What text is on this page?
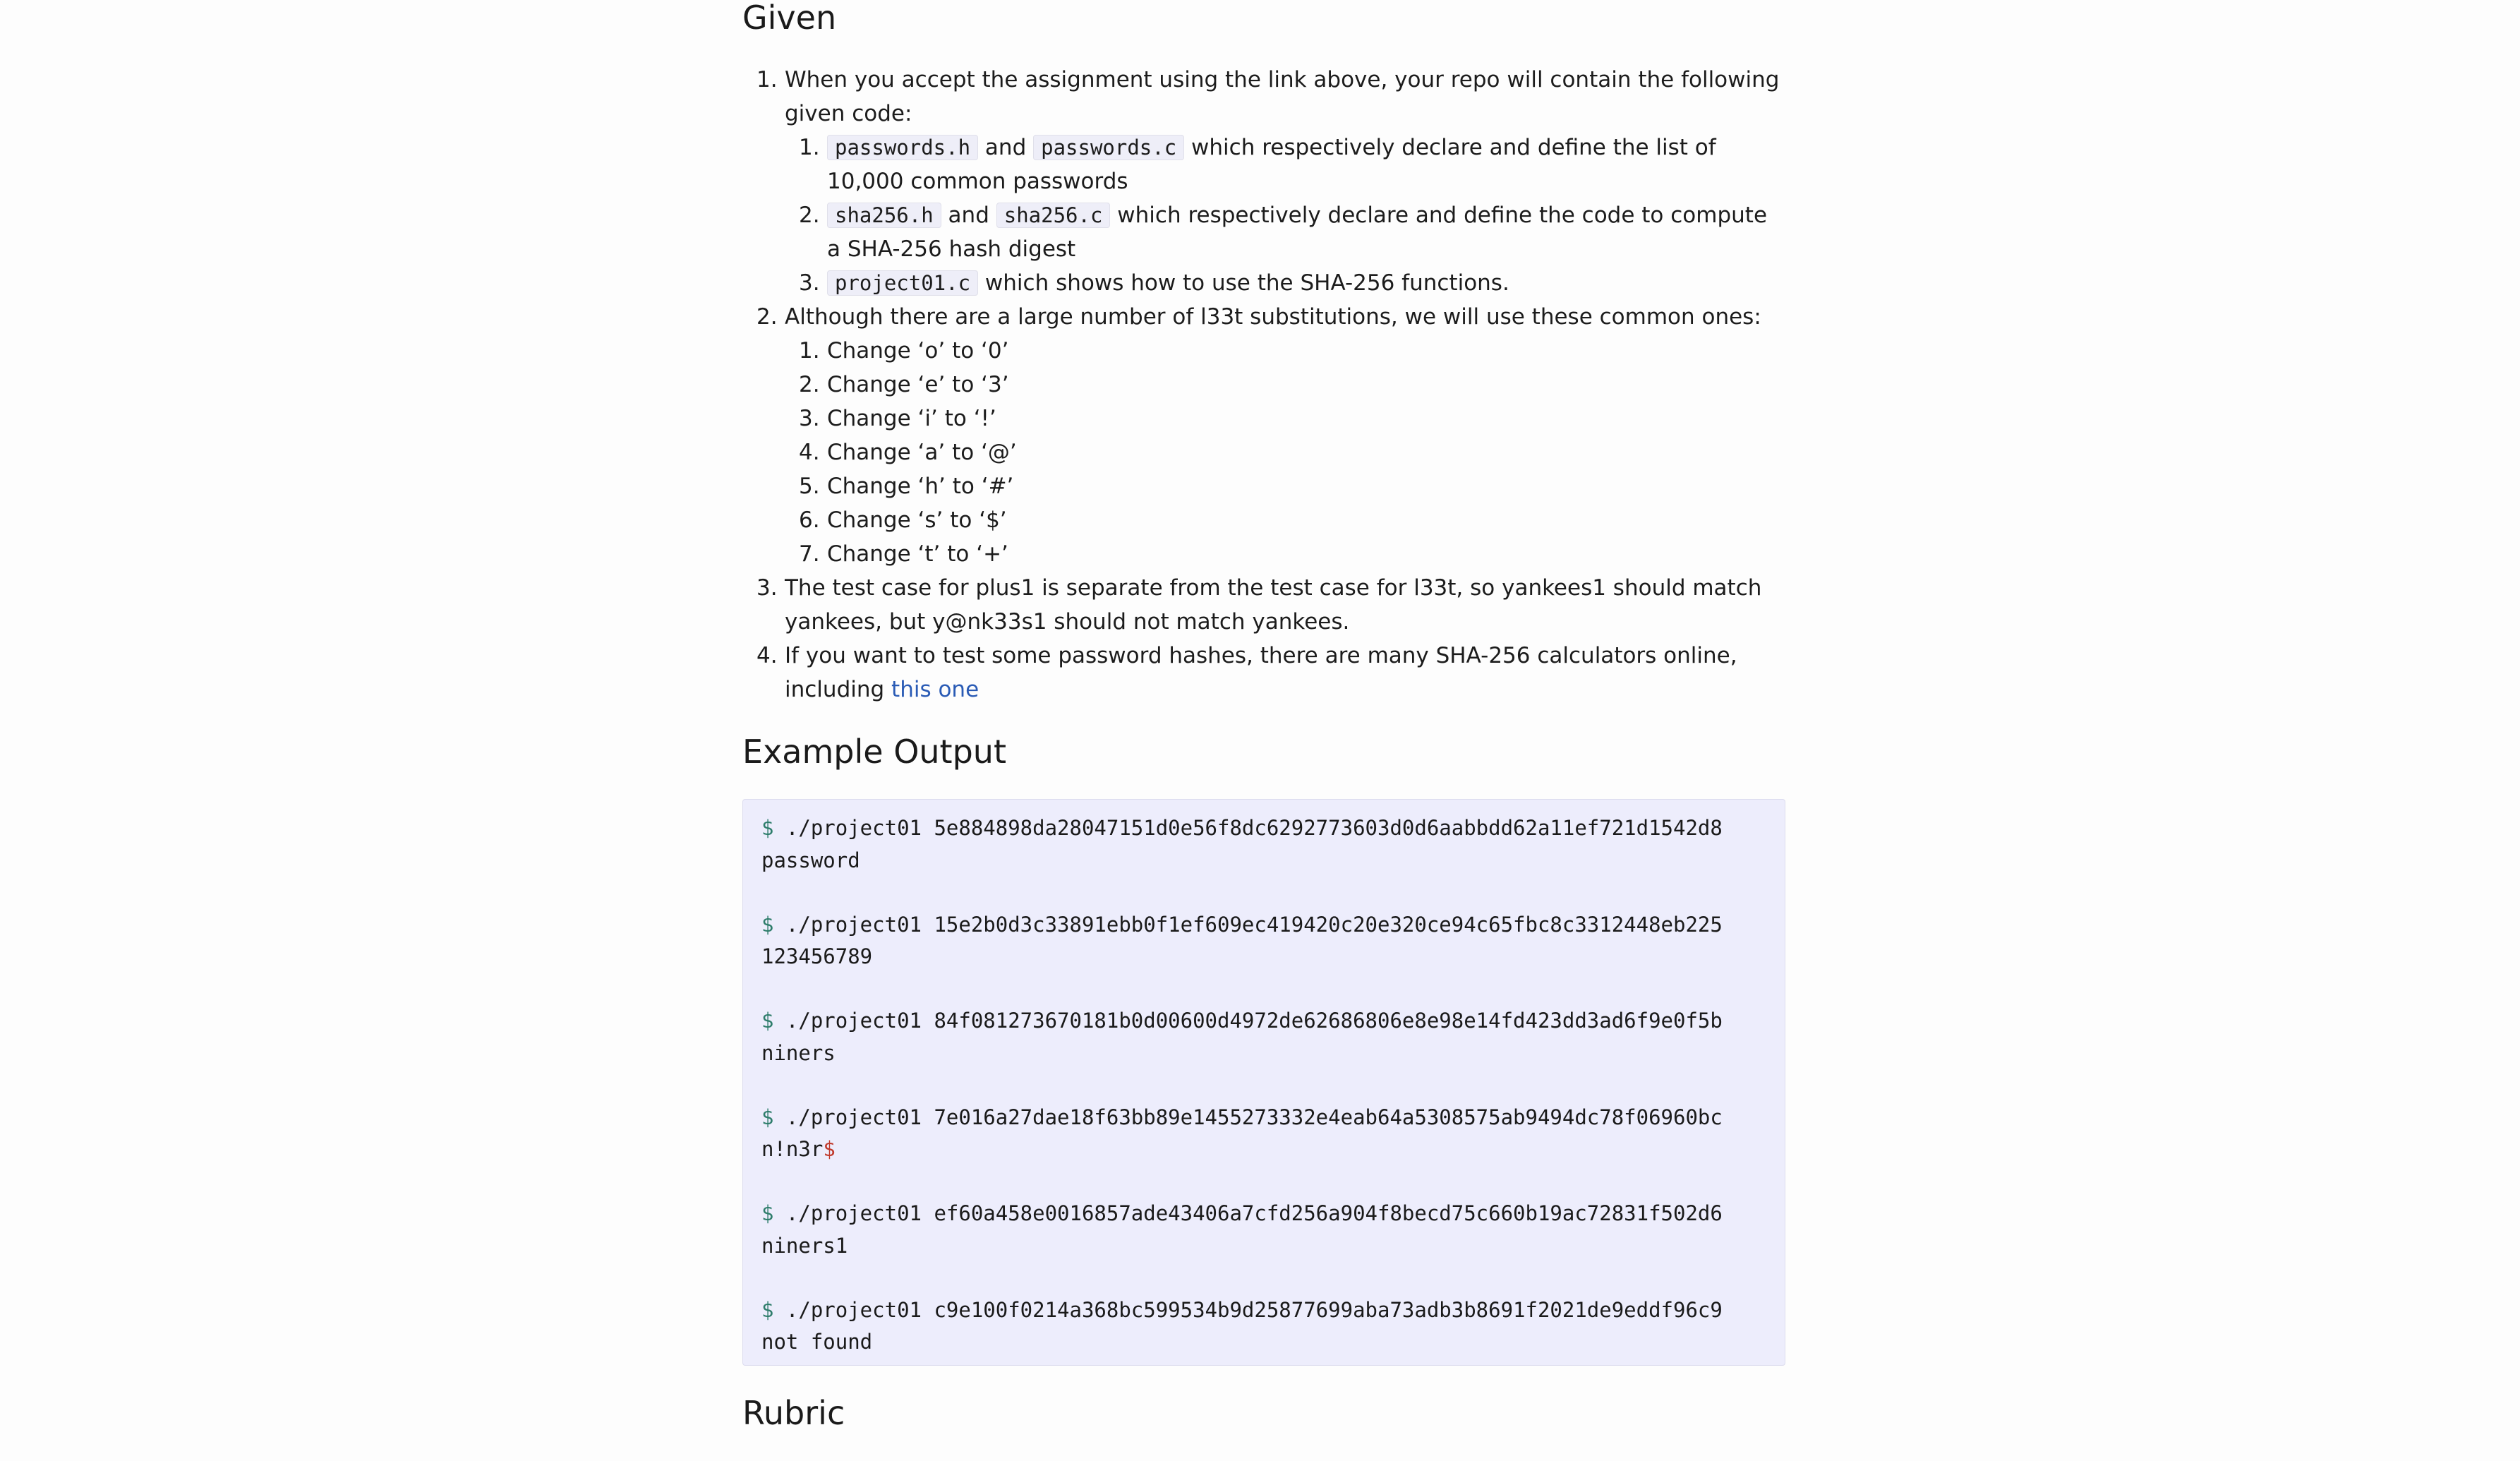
Given
1. When you accept the assignment using the link above, your repo will contain the following given code:
1. passwords.h and passwords.c which respectively declare and define the list of 10,000 common passwords
2. sha256.h and sha256.c which respectively declare and define the code to compute a SHA-256 hash digest
3. project01.c which shows how to use the SHA-256 functions.
2. Although there are a large number of l33t substitutions, we will use these common ones:
1. Change ‘o’ to ‘0’
2. Change ‘e’ to ‘3’
3. Change ‘i’ to ‘!’
4. Change ‘a’ to ‘@’
5. Change ‘h’ to ‘#’
6. Change ‘s’ to ‘$’
7. Change ‘t’ to ‘+’
3. The test case for plus1 is separate from the test case for l33t, so yankees1 should match yankees, but y@nk33s1 should not match yankees.
4. If you want to test some password hashes, there are many SHA-256 calculators online, including this one
Example Output
$ ./project01 5e884898da28047151d0e56f8dc6292773603d0d6aabbdd62a11ef721d1542d8
password
$ ./project01 15e2b0d3c33891ebb0f1ef609ec419420c20e320ce94c65fbc8c3312448eb225
123456789
$ ./project01 84f081273670181b0d00600d4972de62686806e8e98e14fd423dd3ad6f9e0f5b
niners
$ ./project01 7e016a27dae18f63bb89e1455273332e4eab64a5308575ab9494dc78f06960bc
n!n3r$
$ ./project01 ef60a458e0016857ade43406a7cfd256a904f8becd75c660b19ac72831f502d6
niners1
$ ./project01 c9e100f0214a368bc599534b9d25877699aba73adb3b8691f2021de9eddf96c9
not found
Rubric
